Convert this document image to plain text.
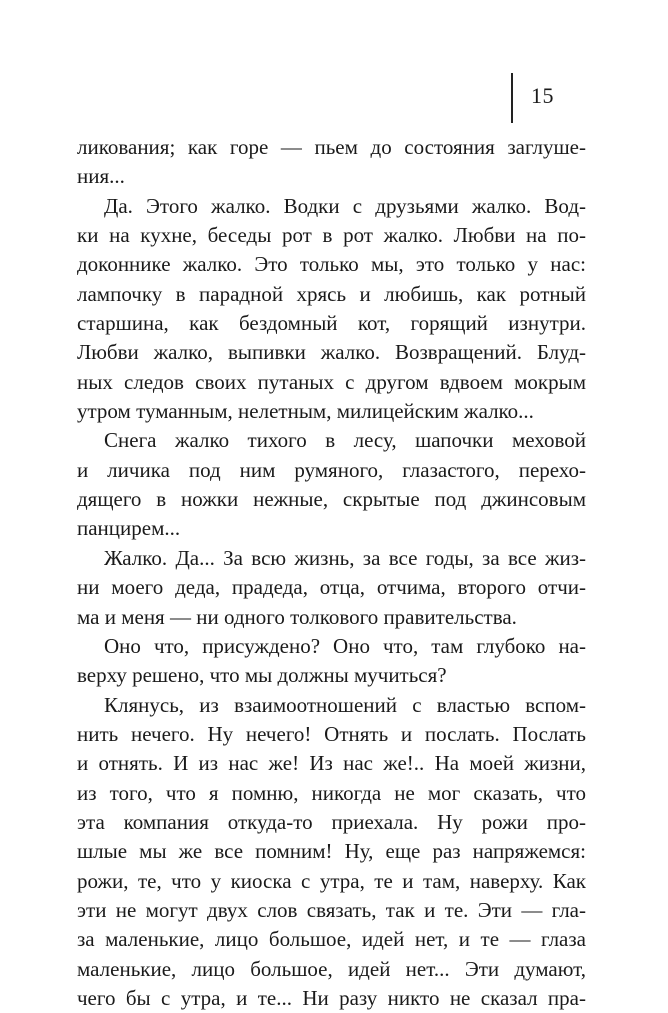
15
ликования; как горе — пьем до состояния заглуше-
ния...
Да. Этого жалко. Водки с друзьями жалко. Вод-
ки на кухне, беседы рот в рот жалко. Любви на по-
доконнике жалко. Это только мы, это только у нас:
лампочку в парадной хрясь и любишь, как ротный
старшина, как бездомный кот, горящий изнутри.
Любви жалко, выпивки жалко. Возвращений. Блуд-
ных следов своих путаных с другом вдвоем мокрым
утром туманным, нелетным, милицейским жалко...
Снега жалко тихого в лесу, шапочки меховой
и личика под ним румяного, глазастого, перехо-
дящего в ножки нежные, скрытые под джинсовым
панцирем...
Жалко. Да... За всю жизнь, за все годы, за все жиз-
ни моего деда, прадеда, отца, отчима, второго отчи-
ма и меня — ни одного толкового правительства.
Оно что, присуждено? Оно что, там глубоко на-
верху решено, что мы должны мучиться?
Клянусь, из взаимоотношений с властью вспом-
нить нечего. Ну нечего! Отнять и послать. Послать
и отнять. И из нас же! Из нас же!.. На моей жизни,
из того, что я помню, никогда не мог сказать, что
эта компания откуда-то приехала. Ну рожи про-
шлые мы же все помним! Ну, еще раз напряжемся:
рожи, те, что у киоска с утра, те и там, наверху. Как
эти не могут двух слов связать, так и те. Эти — гла-
за маленькие, лицо большое, идей нет, и те — глаза
маленькие, лицо большое, идей нет... Эти думают,
чего бы с утра, и те... Ни разу никто не сказал пра-
